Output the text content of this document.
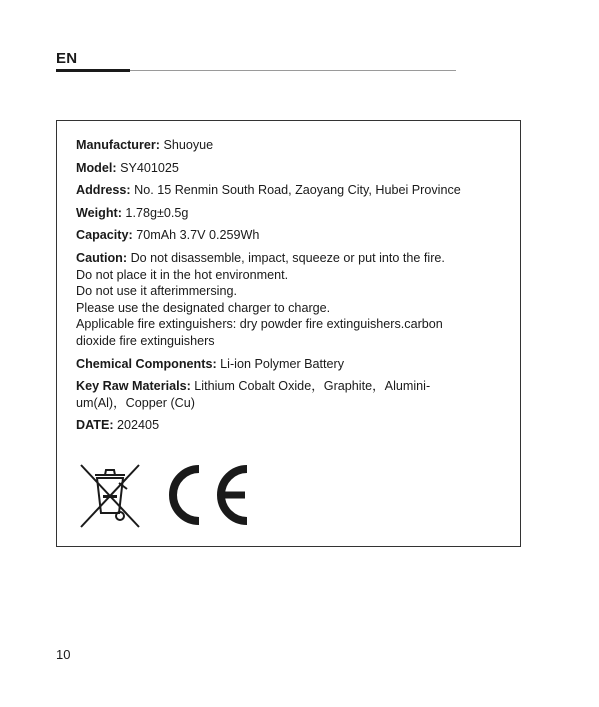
EN
Manufacturer: Shuoyue
Model: SY401025
Address: No. 15 Renmin South Road, Zaoyang City, Hubei Province
Weight: 1.78g±0.5g
Capacity: 70mAh 3.7V 0.259Wh
Caution: Do not disassemble, impact, squeeze or put into the fire.
Do not place it in the hot environment.
Do not use it afterimmersing.
Please use the designated charger to charge.
Applicable fire extinguishers: dry powder fire extinguishers.carbon
dioxide fire extinguishers
Chemical Components: Li-ion Polymer Battery
Key Raw Materials: Lithium Cobalt Oxide，Graphite，Alumini-
um(Al)，Copper (Cu)
DATE: 202405
10
